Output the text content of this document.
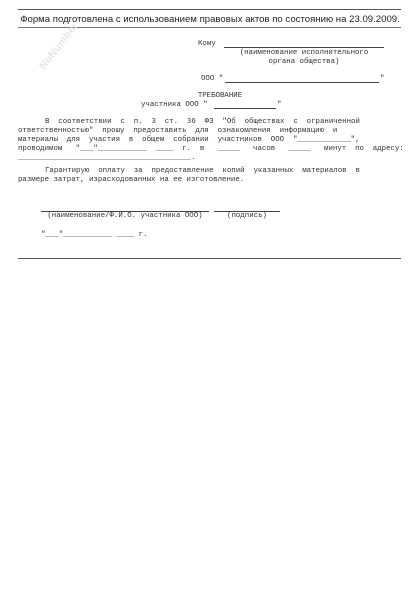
Форма подготовлена с использованием правовых актов по состоянию на 23.09.2009.
NoNumber	Кому
(наименование исполнительного
органа общества)
ООО "	"
ТРЕБОВАНИЕ
участника ООО "	"
В  соответствии  с  п.  3  ст.  36  ФЗ  "Об  обществах  с  ограниченной
ответственностью"  прошу  предоставить  для  ознакомления  информацию  и
материалы  для  участия  в  общем  собрании  участников  ООО  "____________",
проводимом   "___"___________  ____  г.  в   _____   часов   _____   минут  по  адресу:
_______________________________________.
Гарантирую  оплату  за  предоставление  копий  указанных  материалов  в
размере затрат, израсходованных на ее изготовление.
(наименование/Ф.И.О. участника ООО)	(подпись)
"___"___________ ____ г.
